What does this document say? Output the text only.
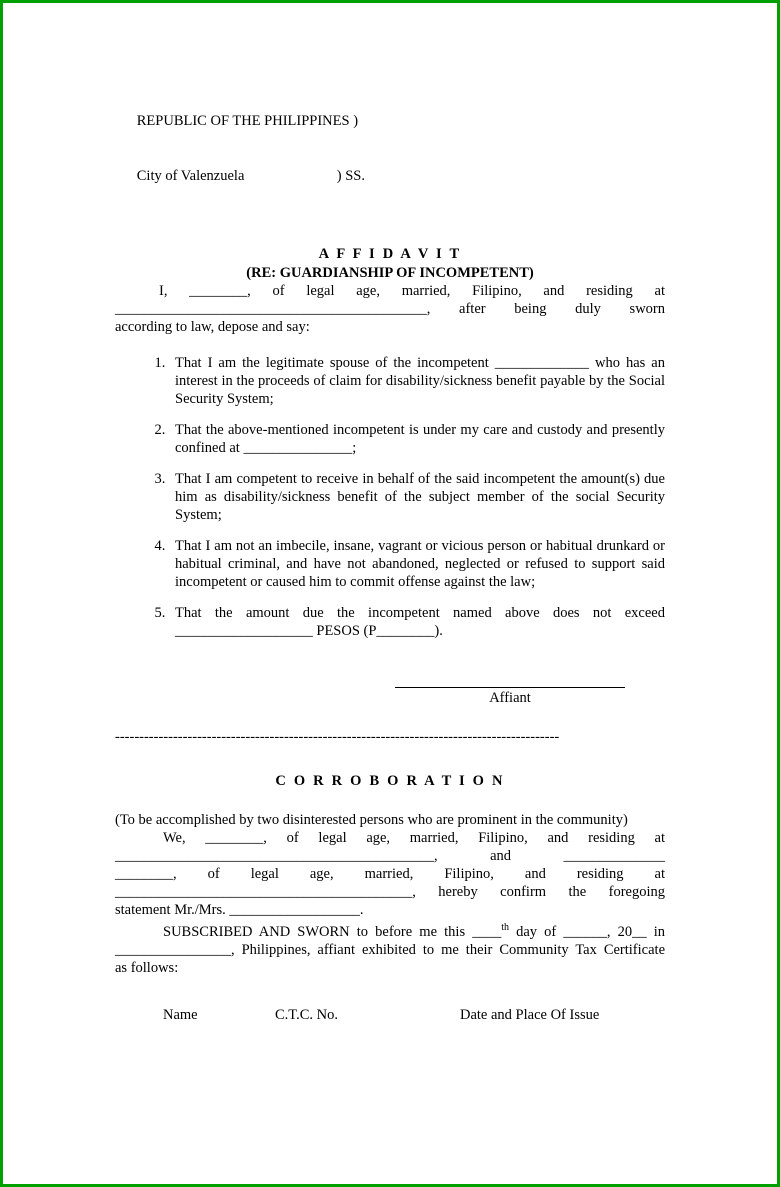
REPUBLIC OF THE PHILIPPINES )

City of Valenzuela	) SS.

A F F I D A V I T
(RE: GUARDIANSHIP OF INCOMPETENT)

I, ________, of legal age, married, Filipino, and residing at
___________________________________________, after being duly sworn
according to law, depose and say:

1. That I am the legitimate spouse of the incompetent _____________ who has an interest in the proceeds of claim for disability/sickness benefit payable by the Social Security System;
2. That the above-mentioned incompetent is under my care and custody and presently confined at _______________;
3. That I am competent to receive in behalf of the said incompetent the amount(s) due him as disability/sickness benefit of the subject member of the social Security System;
4. That I am not an imbecile, insane, vagrant or vicious person or habitual drunkard or habitual criminal, and have not abandoned, neglected or refused to support said incompetent or caused him to commit offense against the law;
5. That the amount due the incompetent named above does not exceed ___________________ PESOS (P________).
Affiant
--------------------------------------------------------------------------------------------
C O R R O B O R A T I O N
(To be accomplished by two disinterested persons who are prominent in the community)

We, ________, of legal age, married, Filipino, and residing at
____________________________________________,	and	______________
________, of legal age, married, Filipino, and residing at
_________________________________________, hereby confirm the foregoing
statement Mr./Mrs. __________________.

SUBSCRIBED AND SWORN to before me this ____$^{th}$ day of ______, 20__ in
________________, Philippines, affiant exhibited to me their Community Tax Certificate
as follows:

Name	C.T.C. No.	Date and Place Of Issue
